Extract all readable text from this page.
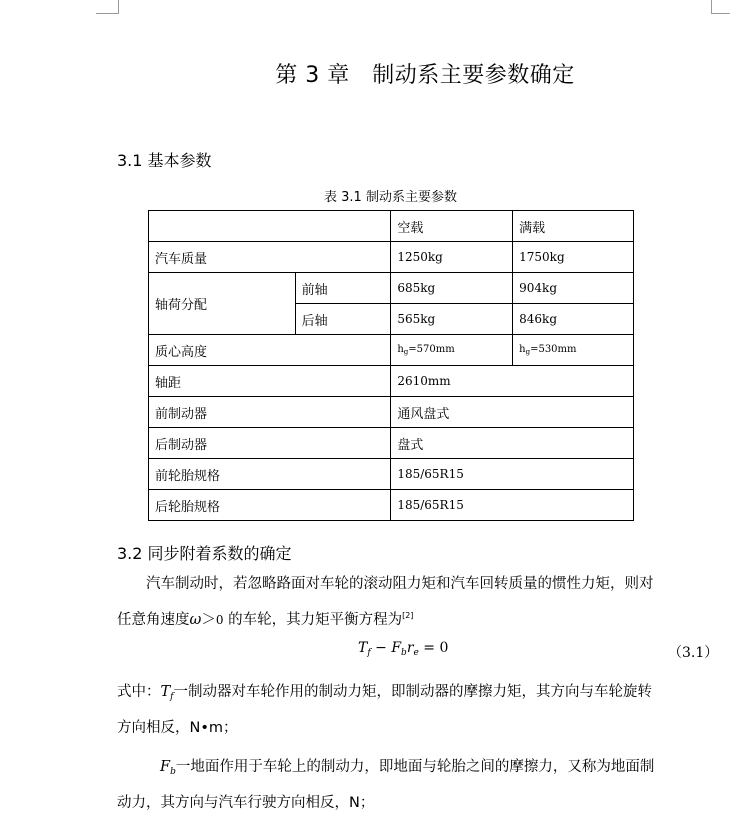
第 3 章   制动系主要参数确定
3.1 基本参数
表 3.1 制动系主要参数
		空载	满载
汽车质量		1250kg	1750kg
轴荷分配	前轴	685kg	904kg
	后轴	565kg	846kg
质心高度		$h_g=570mm$	$h_g=530mm$
轴距		2610mm	
前制动器		通风盘式	
后制动器		盘式	
前轮胎规格		185/65R15	
后轮胎规格		185/65R15	
3.2 同步附着系数的确定
汽车制动时，若忽略路面对车轮的滚动阻力矩和汽车回转质量的惯性力矩，则对
任意角速度ω＞0 的车轮，其力矩平衡方程为[2]
$T_f - F_br_e = 0$	（3.1）
式中：$T_f$一制动器对车轮作用的制动力矩，即制动器的摩擦力矩，其方向与车轮旋转
方向相反，N•m；
$F_b$一地面作用于车轮上的制动力，即地面与轮胎之间的摩擦力，又称为地面制
动力，其方向与汽车行驶方向相反，N；
